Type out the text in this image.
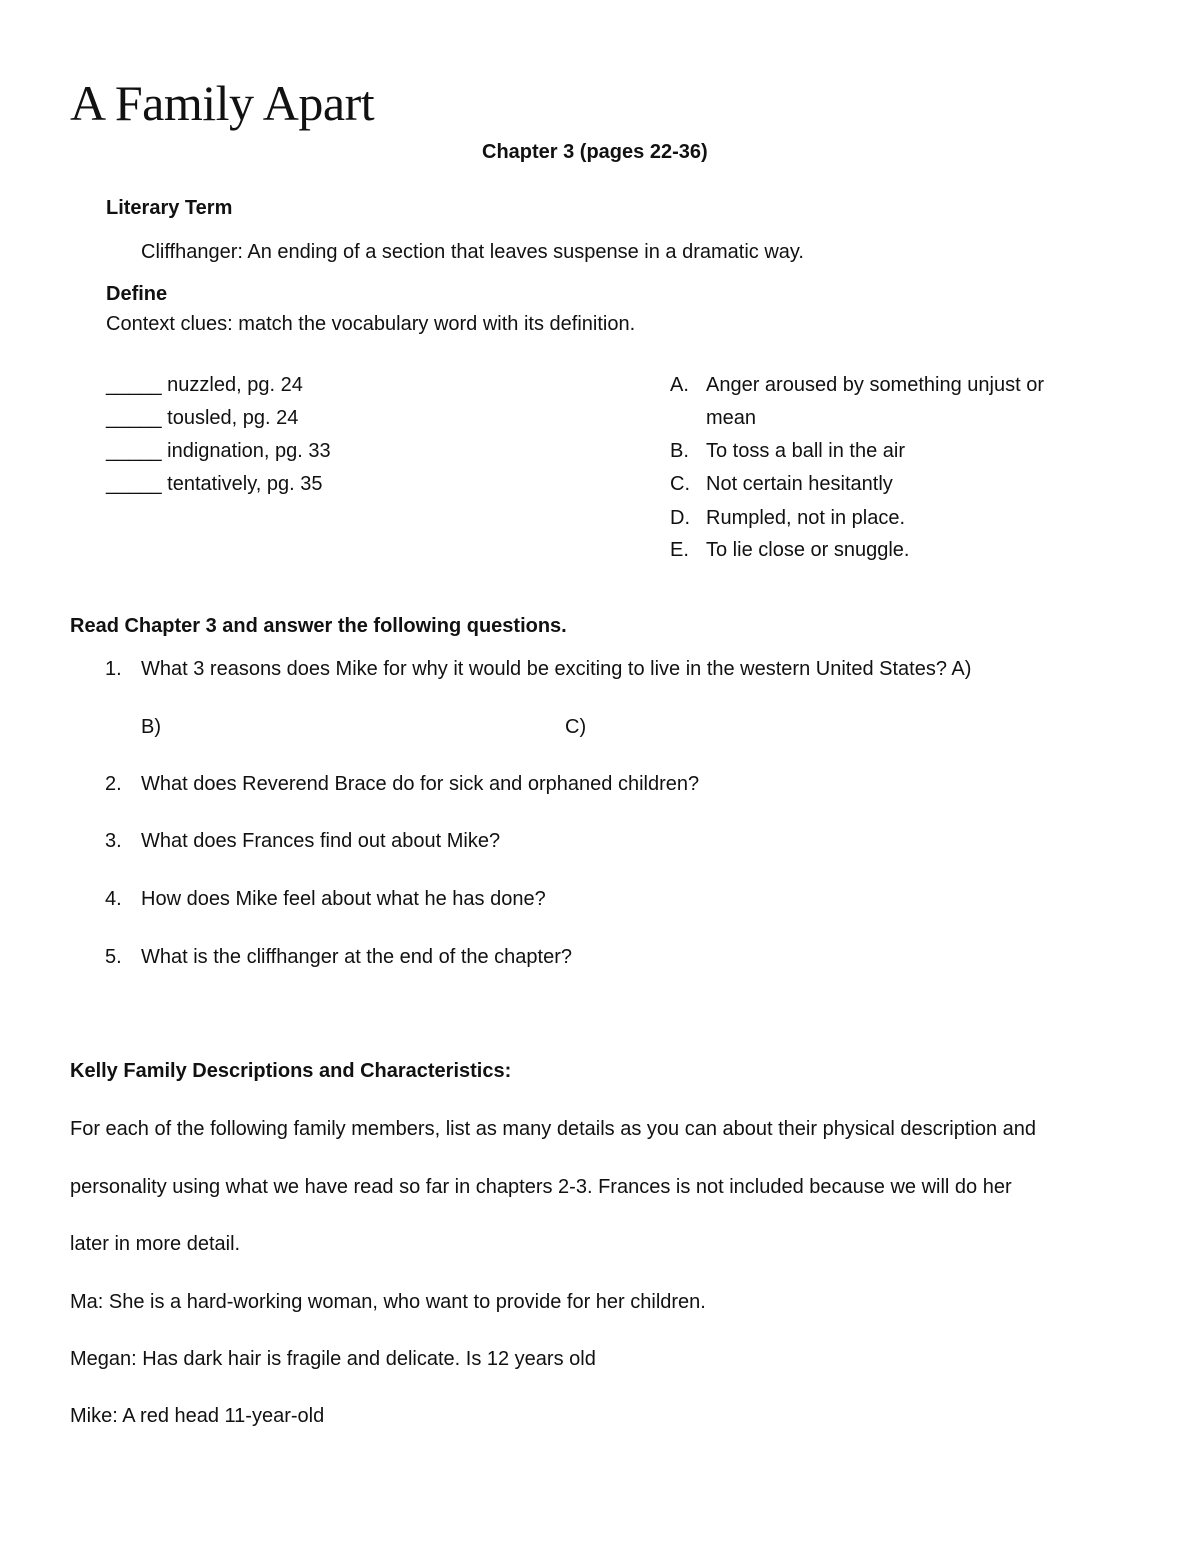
A Family Apart
Chapter 3 (pages 22-36)
Literary Term
Cliffhanger: An ending of a section that leaves suspense in a dramatic way.
Define
Context clues: match the vocabulary word with its definition.
_____ nuzzled, pg. 24
_____ tousled, pg. 24
_____ indignation, pg. 33
_____ tentatively, pg. 35
A. Anger aroused by something unjust or
mean
B. To toss a ball in the air
C. Not certain hesitantly
D. Rumpled, not in place.
E. To lie close or snuggle.
Read Chapter 3 and answer the following questions.
1. What 3 reasons does Mike for why it would be exciting to live in the western United States? A)
B)	C)
2. What does Reverend Brace do for sick and orphaned children?
3. What does Frances find out about Mike?
4. How does Mike feel about what he has done?
5. What is the cliffhanger at the end of the chapter?
Kelly Family Descriptions and Characteristics:
For each of the following family members, list as many details as you can about their physical description and
personality using what we have read so far in chapters 2-3. Frances is not included because we will do her
later in more detail.
Ma: She is a hard-working woman, who want to provide for her children.
Megan: Has dark hair is fragile and delicate. Is 12 years old
Mike: A red head 11-year-old
